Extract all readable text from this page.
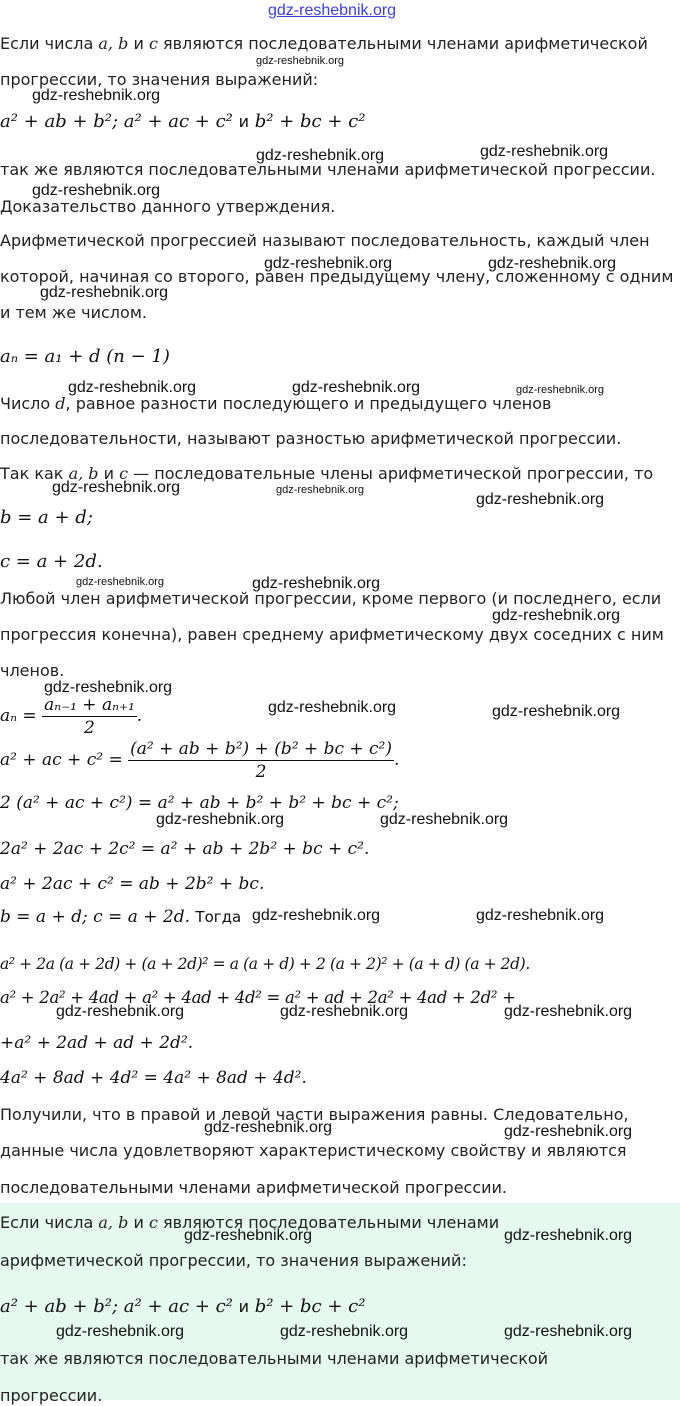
gdz-reshebnik.org
Если числа a, b и c являются последовательными членами арифметической
прогрессии, то значения выражений:
a² + ab + b²; a² + ac + c² и b² + bc + c²
так же являются последовательными членами арифметической прогрессии.
Доказательство данного утверждения.
Арифметической прогрессией называют последовательность, каждый член
которой, начиная со второго, равен предыдущему члену, сложенному с одним
и тем же числом.
aₙ = a₁ + d (n − 1)
Число d, равное разности последующего и предыдущего членов
последовательности, называют разностью арифметической прогрессии.
Так как a, b и c — последовательные члены арифметической прогрессии, то
b = a + d;
c = a + 2d.
Любой член арифметической прогрессии, кроме первого (и последнего, если
прогрессия конечна), равен среднему арифметическому двух соседних с ним
членов.
$a_n = \frac{\text{aₙ₋₁ + aₙ₊₁}}{2}$ .
a² + ac + $c^2 = \frac{\text{(a² + ab + b²) + (b² + bc + c²)}}{2}$ .
2 (a² + ac + c²) = a² + ab + b² + b² + bc + c²;
2a² + 2ac + 2c² = a² + ab + 2b² + bc + c².
a² + 2ac + c² = ab + 2b² + bc.
b = a + d; c = a + 2d. Тогда
a² + 2a (a + 2d) + (a + 2d)² = a (a + d) + 2 (a + 2)² + (a + d) (a + 2d).
a² + 2a² + 4ad + a² + 4ad + 4d² = a² + ad + 2a² + 4ad + 2d² +
+a² + 2ad + ad + 2d².
4a² + 8ad + 4d² = 4a² + 8ad + 4d².
Получили, что в правой и левой части выражения равны. Следовательно,
данные числа удовлетворяют характеристическому свойству и являются
последовательными членами арифметической прогрессии.
Если числа a, b и c являются последовательными членами
арифметической прогрессии, то значения выражений:
a² + ab + b²; a² + ac + c² и b² + bc + c²
так же являются последовательными членами арифметической
прогрессии.
gdz-reshebnik.org
gdz-reshebnik.org
gdz-reshebnik.org	gdz-reshebnik.org
gdz-reshebnik.org
gdz-reshebnik.org	gdz-reshebnik.org
gdz-reshebnik.org
gdz-reshebnik.org	gdz-reshebnik.org	gdz-reshebnik.org
gdz-reshebnik.org	gdz-reshebnik.org
gdz-reshebnik.org
gdz-reshebnik.org	gdz-reshebnik.org
gdz-reshebnik.org
gdz-reshebnik.org
gdz-reshebnik.org	gdz-reshebnik.org
gdz-reshebnik.org	gdz-reshebnik.org
gdz-reshebnik.org	gdz-reshebnik.org
gdz-reshebnik.org	gdz-reshebnik.org	gdz-reshebnik.org
gdz-reshebnik.org	gdz-reshebnik.org
gdz-reshebnik.org	gdz-reshebnik.org
gdz-reshebnik.org	gdz-reshebnik.org	gdz-reshebnik.org
